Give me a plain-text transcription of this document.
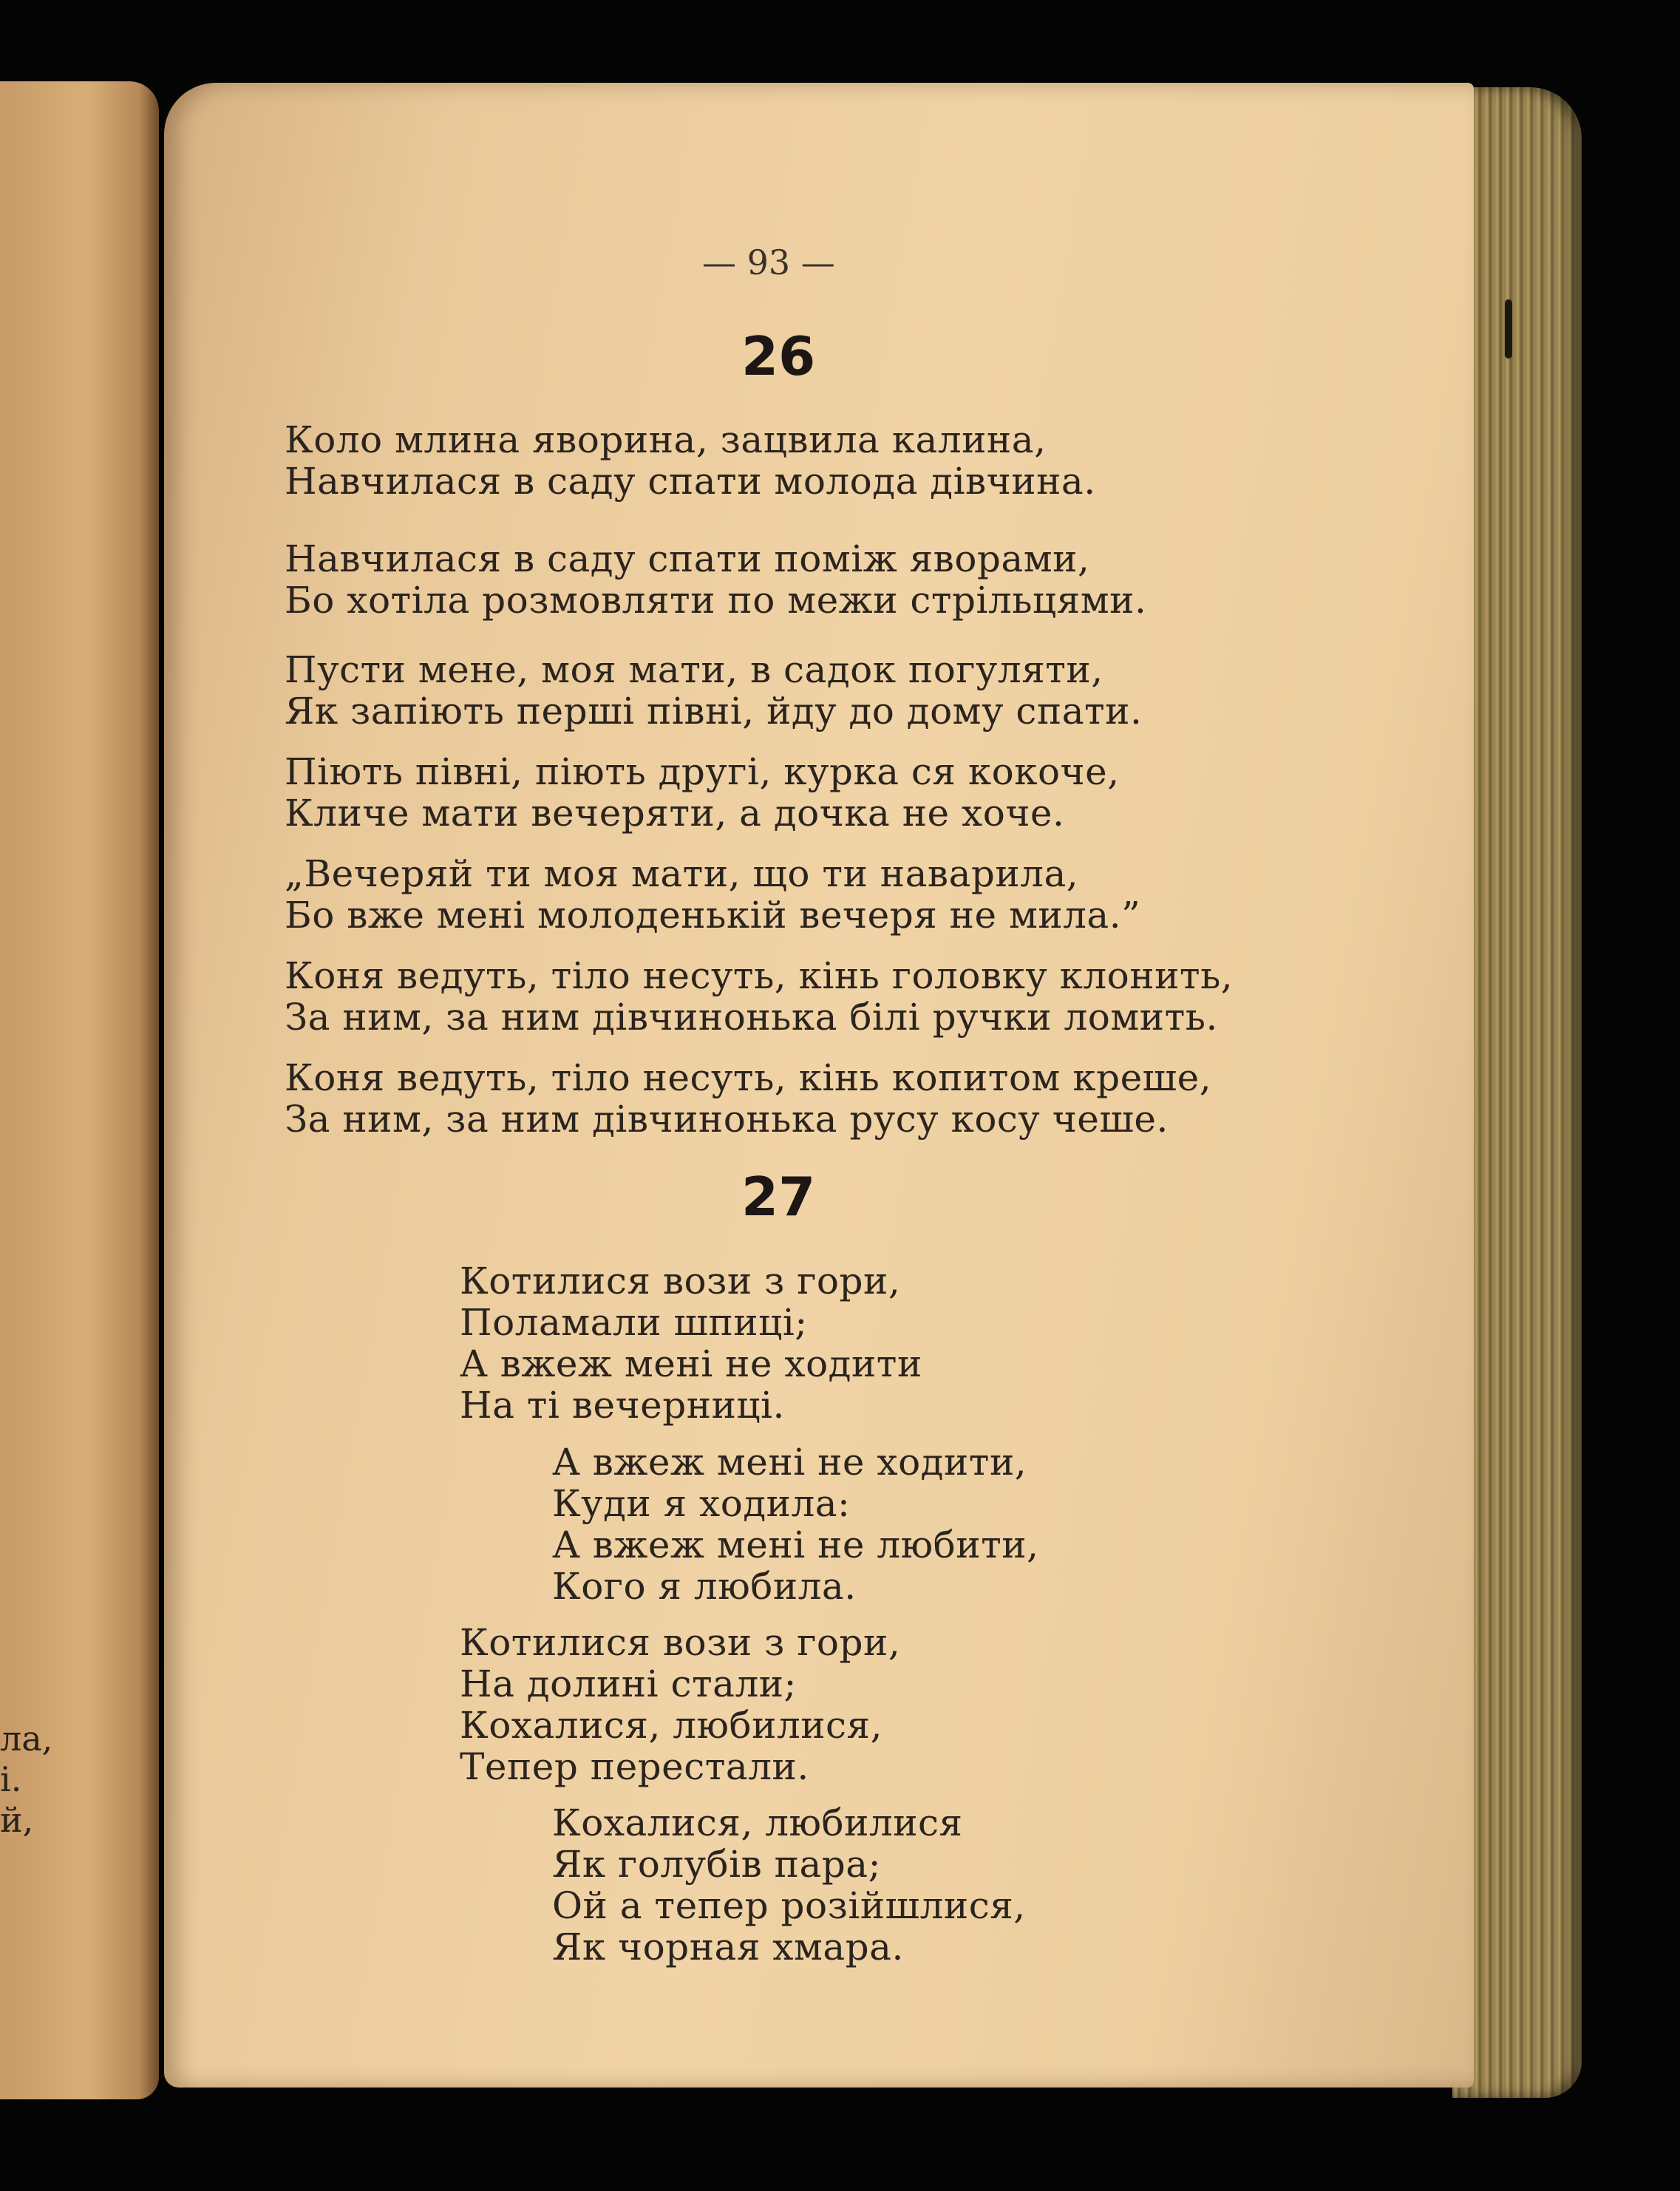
ла,
і.
й,
— 93 —
26
Коло млина яворина, зацвила калина,
Навчилася в саду спати молода дівчина.
Навчилася в саду спати поміж яворами,
Бо хотіла розмовляти по межи стрільцями.
Пусти мене, моя мати, в садок погуляти,
Як запіють перші півні, йду до дому спати.
Піють півні, піють другі, курка ся кокоче,
Кличе мати вечеряти, а дочка не хоче.
„Вечеряй ти моя мати, що ти наварила,
Бо вже мені молоденькій вечеря не мила.”
Коня ведуть, тіло несуть, кінь головку клонить,
За ним, за ним дівчинонька білі ручки ломить.
Коня ведуть, тіло несуть, кінь копитом креше,
За ним, за ним дівчинонька русу косу чеше.
27
Котилися вози з гори,
Поламали шпиці;
А вжеж мені не ходити
На ті вечерниці.
А вжеж мені не ходити,
Куди я ходила:
А вжеж мені не любити,
Кого я любила.
Котилися вози з гори,
На долині стали;
Кохалися, любилися,
Тепер перестали.
Кохалися, любилися
Як голубів пара;
Ой а тепер розійшлися,
Як чорная хмара.
